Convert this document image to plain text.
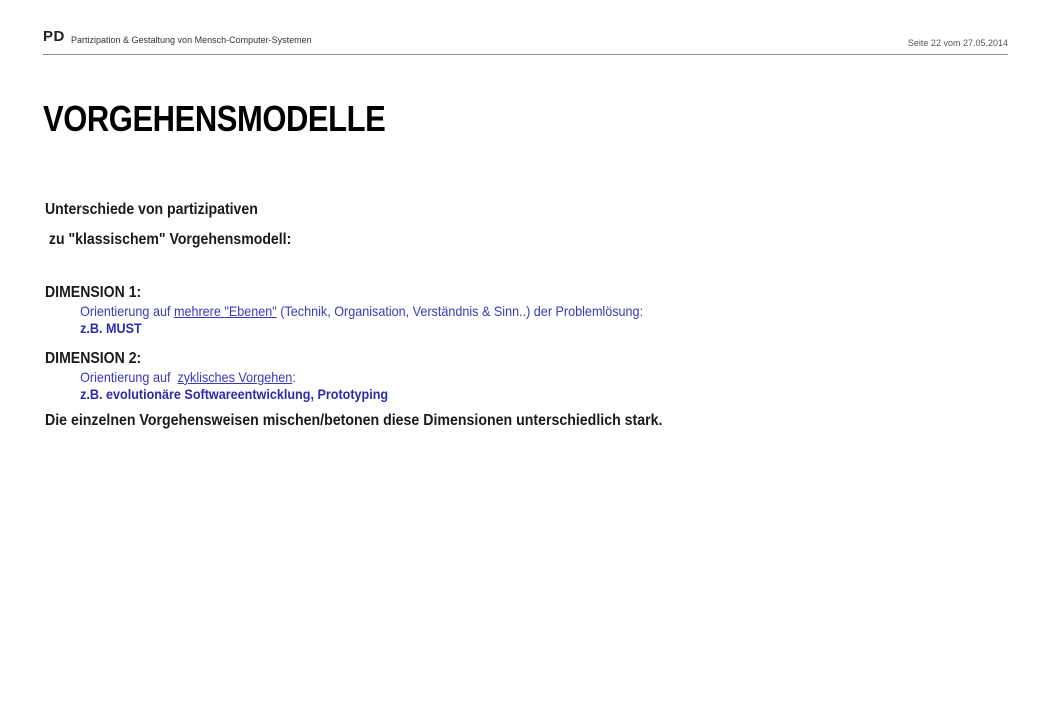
PD Partizipation & Gestaltung von Mensch-Computer-Systemen	Seite 22 vom 27.05.2014
VORGEHENSMODELLE
Unterschiede von partizipativen
zu "klassischem" Vorgehensmodell:
DIMENSION 1:
Orientierung auf mehrere "Ebenen" (Technik, Organisation, Verständnis & Sinn..) der Problemlösung:
z.B. MUST
DIMENSION 2:
Orientierung auf  zyklisches Vorgehen:
z.B. evolutionäre Softwareentwicklung, Prototyping
Die einzelnen Vorgehensweisen mischen/betonen diese Dimensionen unterschiedlich stark.
